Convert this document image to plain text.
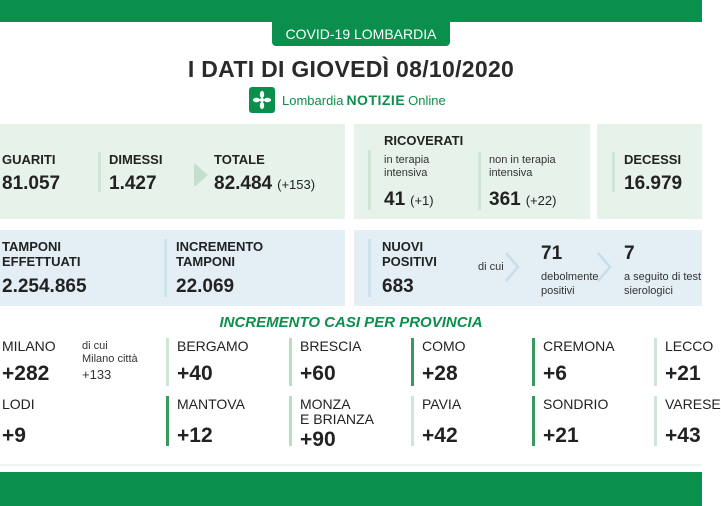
COVID-19 LOMBARDIA
I DATI DI GIOVEDÌ 08/10/2020
Lombardia NOTIZIE Online
GUARITI
81.057
DIMESSI
1.427
TOTALE
82.484 (+153)
RICOVERATI
in terapia intensiva
41 (+1)
non in terapia intensiva
361 (+22)
DECESSI
16.979
TAMPONI
EFFETTUATI
2.254.865
INCREMENTO
TAMPONI
22.069
NUOVI
POSITIVI
683
di cui
71
debolmente
positivi
7
a seguito di test
sierologici
INCREMENTO CASI PER PROVINCIA
MILANO
+282
di cui
Milano città
+133
LODI
+9
BERGAMO
+40
MANTOVA
+12
BRESCIA
+60
MONZA
E BRIANZA
+90
COMO
+28
PAVIA
+42
CREMONA
+6
SONDRIO
+21
LECCO
+21
VARESE
+43
